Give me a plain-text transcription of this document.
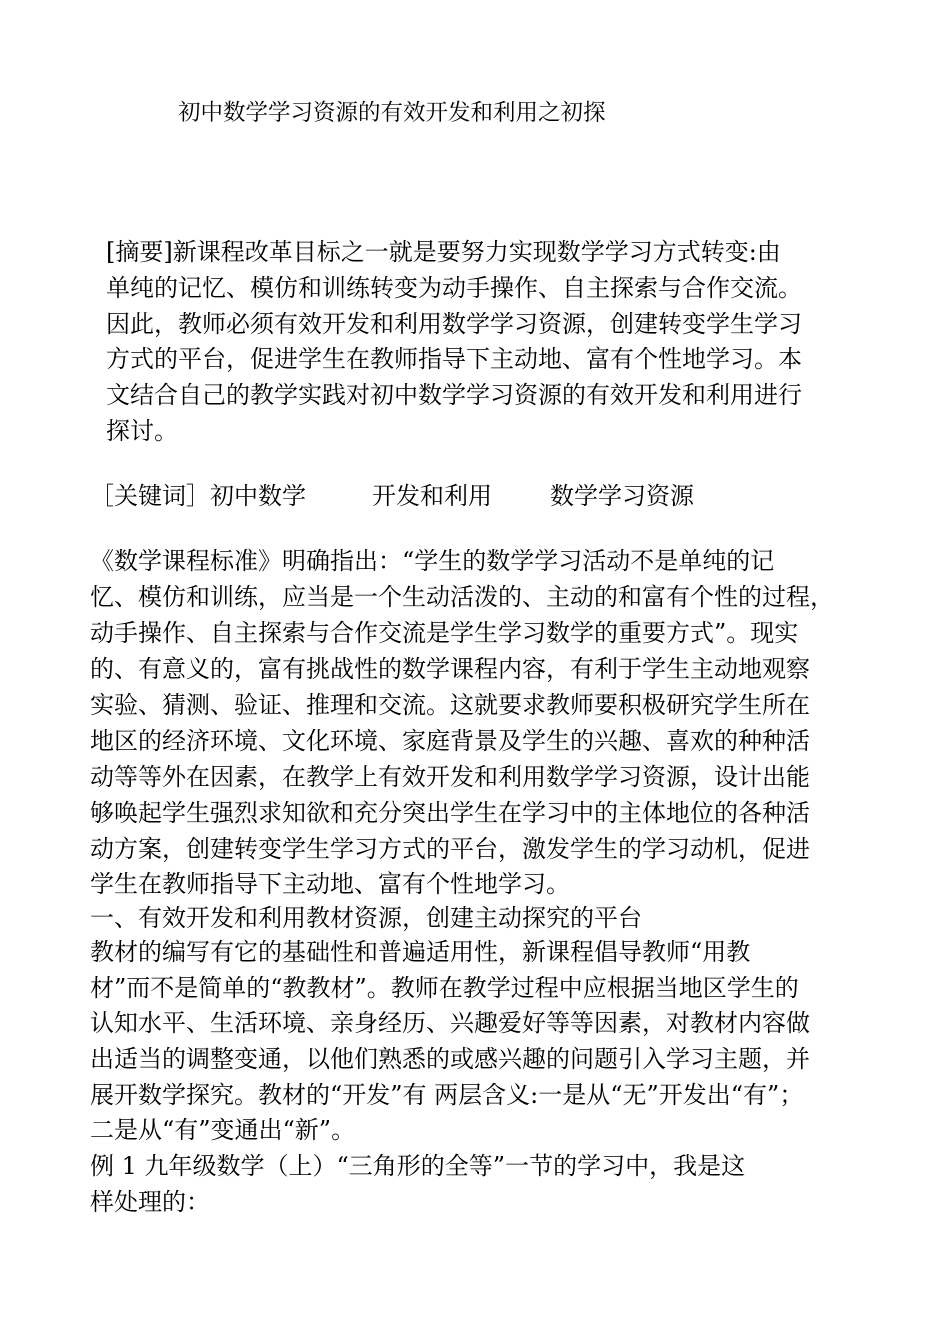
初中数学学习资源的有效开发和利用之初探
[摘要]新课程改革目标之一就是要努力实现数学学习方式转变:由
单纯的记忆、模仿和训练转变为动手操作、自主探索与合作交流。
因此，教师必须有效开发和利用数学学习资源，创建转变学生学习
方式的平台，促进学生在教师指导下主动地、富有个性地学习。本
文结合自己的教学实践对初中数学学习资源的有效开发和利用进行
探讨。
［关键词］初中数学	开发和利用 数学学习资源
《数学课程标准》明确指出：“学生的数学学习活动不是单纯的记
忆、模仿和训练，应当是一个生动活泼的、主动的和富有个性的过程，
动手操作、自主探索与合作交流是学生学习数学的重要方式”。现实
的、有意义的，富有挑战性的数学课程内容，有利于学生主动地观察
实验、猜测、验证、推理和交流。这就要求教师要积极研究学生所在
地区的经济环境、文化环境、家庭背景及学生的兴趣、喜欢的种种活
动等等外在因素，在教学上有效开发和利用数学学习资源，设计出能
够唤起学生强烈求知欲和充分突出学生在学习中的主体地位的各种活
动方案，创建转变学生学习方式的平台，激发学生的学习动机，促进
学生在教师指导下主动地、富有个性地学习。
一、有效开发和利用教材资源，创建主动探究的平台
教材的编写有它的基础性和普遍适用性，新课程倡导教师“用教
材”而不是简单的“教教材”。教师在教学过程中应根据当地区学生的
认知水平、生活环境、亲身经历、兴趣爱好等等因素，对教材内容做
出适当的调整变通，以他们熟悉的或感兴趣的问题引入学习主题，并
展开数学探究。教材的“开发”有 两层含义:一是从“无”开发出“有”；
二是从“有”变通出“新”。
例 1 九年级数学（上）“三角形的全等”一节的学习中，我是这
样处理的：
